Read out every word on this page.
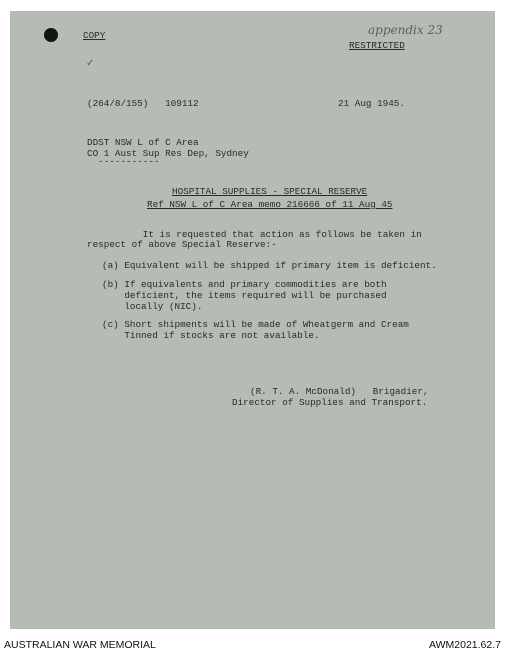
COPY	appendix 23
RESTRICTED
✓
(264/8/155)   109112	21 Aug 1945.
DDST NSW L of C Area
CO 1 Aust Sup Res Dep, Sydney
-----------
HOSPITAL SUPPLIES - SPECIAL RESERVE
Ref NSW L of C Area memo 216666 of 11 Aug 45
It is requested that action as follows be taken in
respect of above Special Reserve:-
(a) Equivalent will be shipped if primary item is deficient.
(b) If equivalents and primary commodities are both
deficient, the items required will be purchased
locally (NIC).
(c) Short shipments will be made of Wheatgerm and Cream
Tinned if stocks are not available.
(R. T. A. McDonald)   Brigadier,
Director of Supplies and Transport.
AUSTRALIAN WAR MEMORIAL	AWM2021.62.7
